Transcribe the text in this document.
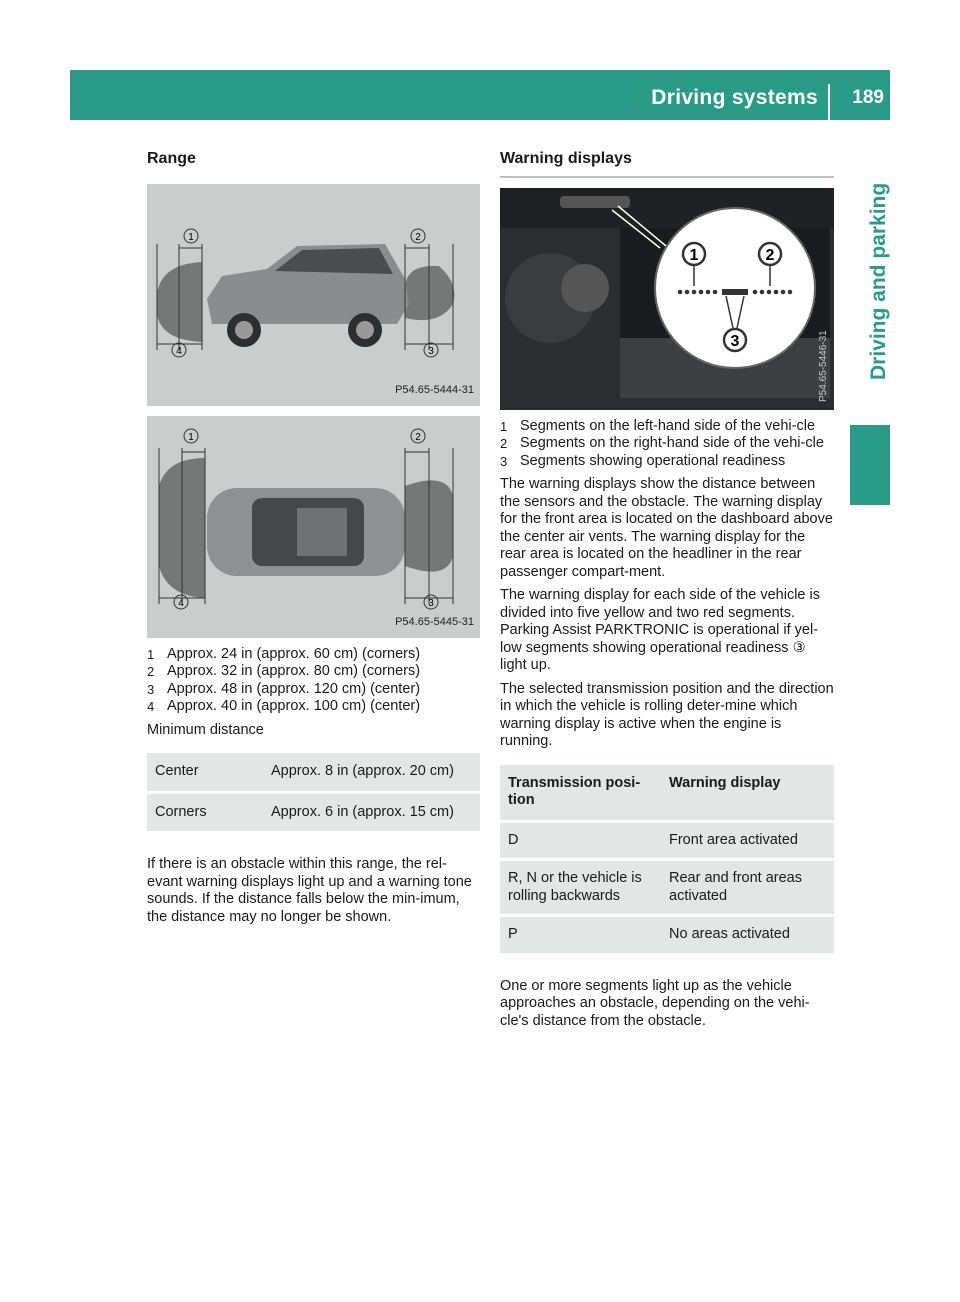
Driving systems 189
Driving and parking
Range
1	2
3
4
P54.65-5444-31
1	2
3
4
P54.65-5445-31
1 Approx. 24 in (approx. 60 cm) (corners)
2 Approx. 32 in (approx. 80 cm) (corners)
3 Approx. 48 in (approx. 120 cm) (center)
4 Approx. 40 in (approx. 100 cm) (center)

Minimum distance

Center	Approx. 8 in (approx. 20 cm)
Corners	Approx. 6 in (approx. 15 cm)

If there is an obstacle within this range, the rel-evant warning displays light up and a warning tone sounds. If the distance falls below the min-imum, the distance may no longer be shown.

Warning displays
1	2
3	P54.65-5446-31
1 Segments on the left-hand side of the vehi-cle
2 Segments on the right-hand side of the vehi-cle
3 Segments showing operational readiness

The warning displays show the distance between the sensors and the obstacle. The warning display for the front area is located on the dashboard above the center air vents. The warning display for the rear area is located on the headliner in the rear passenger compart-ment.

The warning display for each side of the vehicle is divided into five yellow and two red segments. Parking Assist PARKTRONIC is operational if yel-low segments showing operational readiness ③ light up.

The selected transmission position and the direction in which the vehicle is rolling deter-mine which warning display is active when the engine is running.

Transmission posi-tion	Warning display
D	Front area activated
R, N or the vehicle is rolling backwards	Rear and front areas activated
P	No areas activated

One or more segments light up as the vehicle approaches an obstacle, depending on the vehi-cle's distance from the obstacle.
